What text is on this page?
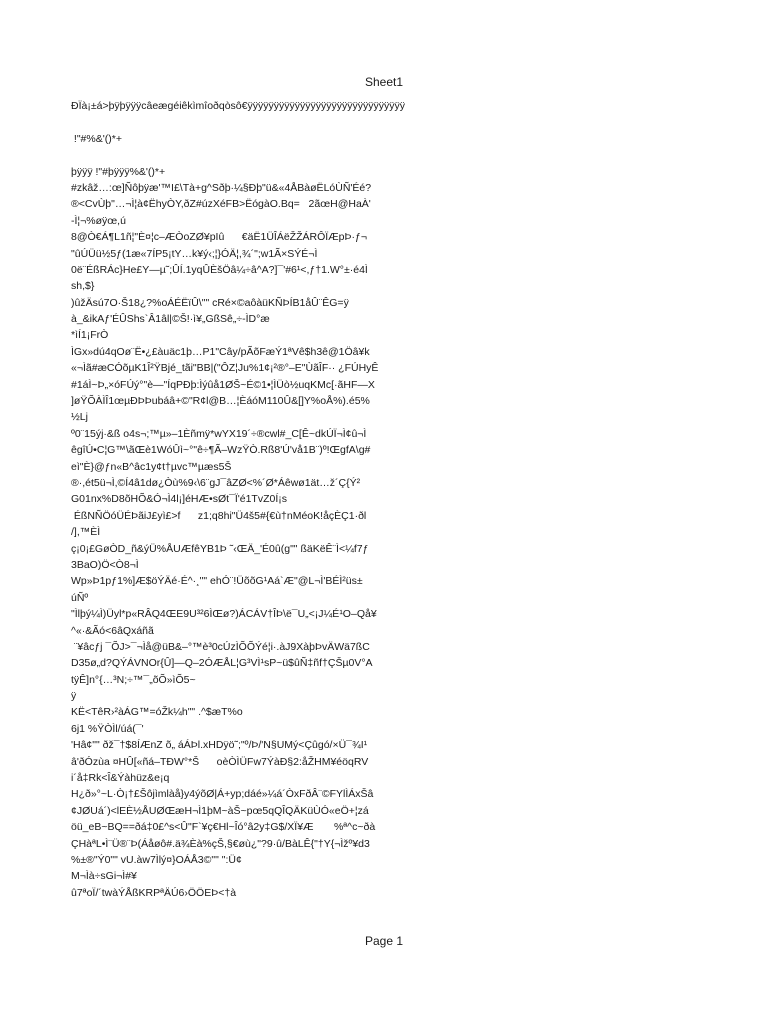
Sheet1
ÐÏà¡±á>þÿþÿÿÿcâeægéiêkìmîoðqòsô€ÿÿÿÿÿÿÿÿÿÿÿÿÿÿÿÿÿÿÿÿÿÿÿÿÿÿÿÿÿÿ
!"#%&'()*+
þÿÿÿ !"#þÿÿÿ%&'()*+
#zkâž…:œ]Ñôþÿæ'™I£\Tà+g^Sðþ·¼§Ðþ"ü&«4ÅBàøËLóÙÑ'Éé?
®<CvÙþ"…¬Ì¦à¢ËhyÒY,ðZ#úzXéFB>ËógàO.Bq=   2ãœH@HaÀ'
-Ì¦¬%øÿœ,ú
8@Ò€Á¶L1ñ¦"È¤¦c–ÆÒoZØ¥pIû      €äË1ÜÎÁëŽŽÁRÔÏÆpÞ·ƒ¬
"ûÚÜü½5ƒ(1æ«7ÍP5¡tY…k¥ý‹;¦}ÓÄ¦,¾´";w1Ã×SÝÉ¬Ì
0ë¨ÉßRÁc}He£Y—µ˜;ÛÍ.1yqÛÈšÖâ¼÷â^A?]¯'#6¹<,ƒ†1.W°±·é4Ì
sh,$}
)ûžÄsú7O·Š18¿?%oÁÉËïÛ\"" cRé×©aôàüKÑÞÍB1åÛ¨ÊG=ÿ
à_&ikAƒ'ÉÛShs`Â1âl|©Š!·ì¥„GßSê„÷-ÌD°æ
*ìÍ1¡FrÒ
ÌGx»dú4qOø¨Ë•¿£àuäc1þ…P1"Cây/pÃõFæÝ1ªVê$h3ê@1Öâ¥k
«¬Ìã#æCÓõµK1Î²ŸBjé_tãi"BB|("ÔZ¦Ju%1¢¡²®°–E"ÙãÎF·· ¿FÚHyÊ
#1áÌ~Þ„×óFÚý°"è—"ÍqPÐþ:Ìýûå1ØŠ~É©1•¦ÌÜò½uqKMc[·ãHF—X
]øŸÕÀÌÎ1œµÐÞÞubáâ+©"R¢l@B…¦ÈáóM110Û&[]Y%oÅ%).é5%
½Lj
º0¨15ýj·&ß o4s¬;™µ»–1Èñmÿ*wYX19´÷®cwl#_C[Ê~dkÚÏ¬Ì¢û¬Ì
êgîÚ•C¦G™\ãŒè1WóÛì~°"ê÷¶Ã–WzŸÒ.Rß8'Ú'vå1B¨)º!ŒgfA\g#
eì"È}@ƒn«B^âc1y¢t†µvc™µæs5Š
®·,ét5ü¬Ì,©Í4â1dø¿Òù%9‹\6¨gJ¯âZØ<%´Ø*Áêwø1ät…ž´Ç{Ý²
G01nx%D8õHÕ&Ó¬Ì4l¡]éHÆ•sØt¯Ï'é1TvZ0Í¡s
ÉßNÑÖóÜÉÞãiJ£yì£>f      z1;q8hi"Ü4š5#{€ù†nMéoK!åçÈÇ1·ðl
/],™ÈÌ
ç¡0¡£GøÒD_ñ&ýÜ%ÅUÆfêYB1Þ ˜‹ŒÄ_'É0û(g"" ßäKëÊ¨Ì<¼f7ƒ
3BaO)Ö<Ò8¬Ì
Wp»Þ1pƒ1%]Æ$öÝÄé·É^·¸"" ehÓ¨!ÜõõG¹Aá`Æ"@L¬Ì'BÉÌ²üs±
úÑº
"Ìlþý¼Ì)Üyl*p«RÂQ4ŒE9U³²6ÌŒø?)ÁCÁV†ÎÞ\ë¯U„<¡J¼É¹O–Qå¥
^«·&Ãó<6âQxáñã
¨¥âcƒj ¯ÕJ>¯¬Ìå@üB&–°™è³0cÚzÌÕÕÝé¦i·.àJ9XàþÞvÄWä7ßC
D35ø„d?QÝÁVNOr{Û]—Q–2ÓÆÅL¦G³VÌ¹sP~ü$ûÑ‡ñf†ÇŠµ0V°A
tÿÊ]n°{…³N;÷™¯„õÕ»ìÕ5~
ÿ
KË<TêR›²àÁG™=óŽk¼h"" .^$æT%o
6j1 %ŸÒÌl/úá(¯'
'Hâ¢"" ðž¯†$8ÍÆnZ õ„ áÁÞl.xHDÿö˜;"º/Þ/'N§UMý<Çûgó/×Ü¯¾I¹
â'ðÓzùa ¤HÛ[«ñá–TÐW°*Š      oèÒÌÜFw7ÝàÐ§2:åŽHM¥éöqRV
i´å‡Rk<Î&Ýàhüz&e¡q
H¿ð»°~L·Ò¡†£Šôjìmlàå}y4ýõØ|Á+yp;dáé»¼á´ÒxFðÂ¨©FYlÌÁxŠâ
¢JØUá´)<lEÈ½ÅUØŒæH¬Ì1þM~àŠ~pœ5qQÎQÄKüÙÓ«eÖ+¦zá
öü_eB~BQ==ðá‡0£^s<Û"F`¥ç€Hl~Îó°â2y‡G$/XÏ¥Æ       %ª^c~ðà
ÇHàªL•Ì¨Ü®¨Þ(Áåøô#.ä¾Èà%çŠ,§€øù¿"?9·û/BàLÊ{"†Y{¬Ìžº¥d3
%±®"Ý0"" vU.àw7Ìlý¤}OÁÅ3©"" ":Ü¢
M¬Ìà÷sGi¬Ì#¥
û7ªoÏ/´twàÝÅßKRPªÄÚ6›ÖÖEÞ<†à
Page 1
